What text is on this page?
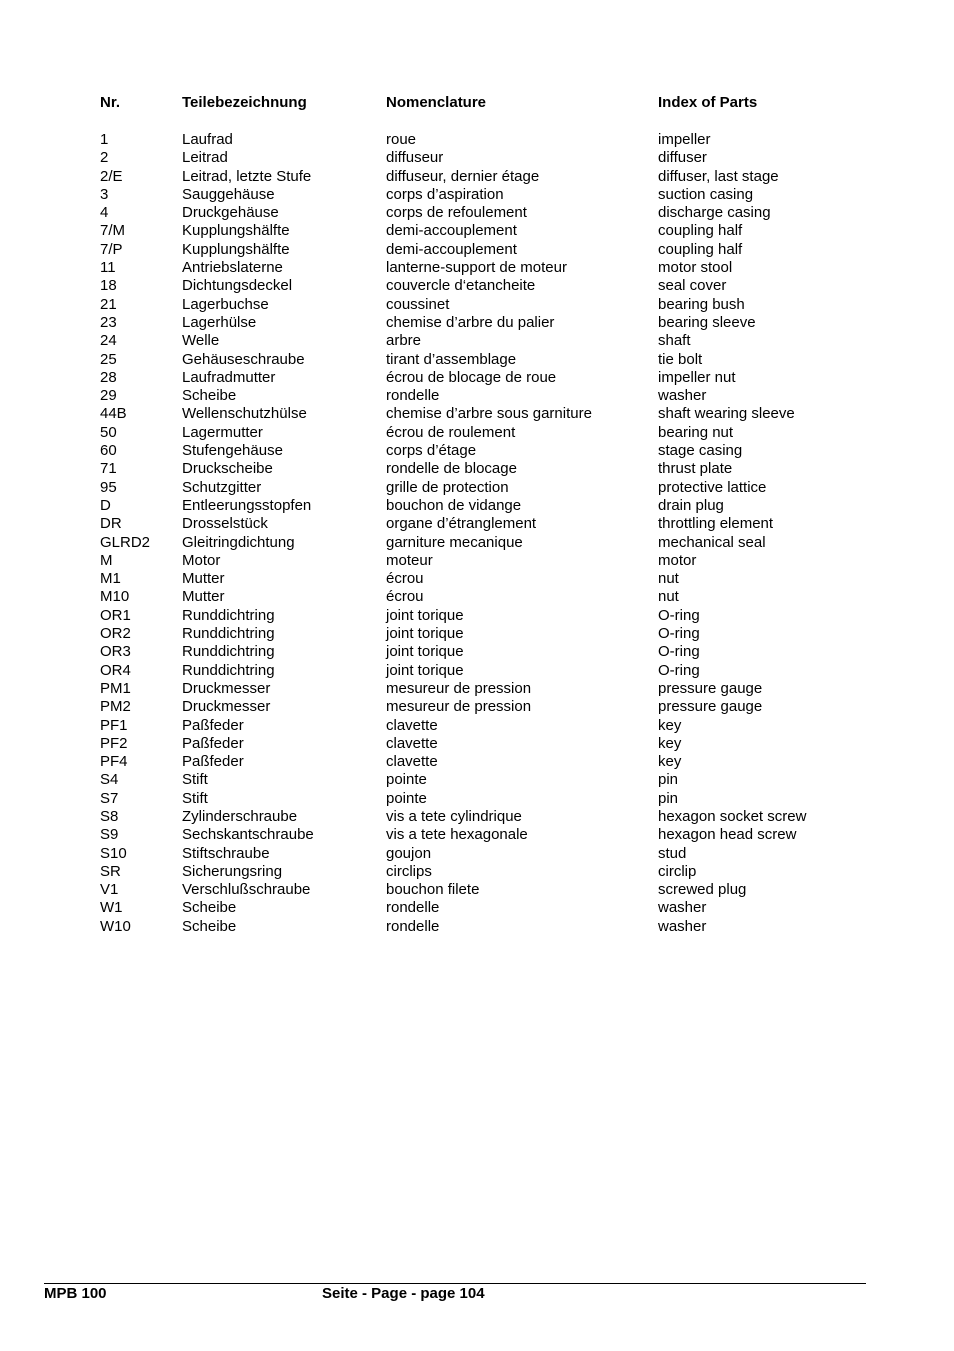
Nr.	Teilebezeichnung	Nomenclature	Index of Parts
1	Laufrad	roue	impeller
2	Leitrad	diffuseur	diffuser
2/E	Leitrad, letzte Stufe	diffuseur, dernier étage	diffuser, last stage
3	Sauggehäuse	corps d’aspiration	suction casing
4	Druckgehäuse	corps de refoulement	discharge casing
7/M	Kupplungshälfte	demi-accouplement	coupling half
7/P	Kupplungshälfte	demi-accouplement	coupling half
11	Antriebslaterne	lanterne-support de moteur	motor stool
18	Dichtungsdeckel	couvercle d‘etancheite	seal cover
21	Lagerbuchse	coussinet	bearing bush
23	Lagerhülse	chemise d’arbre du palier	bearing sleeve
24	Welle	arbre	shaft
25	Gehäuseschraube	tirant d’assemblage	tie bolt
28	Laufradmutter	écrou de blocage de roue	impeller nut
29	Scheibe	rondelle	washer
44B	Wellenschutzhülse	chemise d’arbre sous garniture	shaft wearing sleeve
50	Lagermutter	écrou de roulement	bearing nut
60	Stufengehäuse	corps d’étage	stage casing
71	Druckscheibe	rondelle de blocage	thrust plate
95	Schutzgitter	grille de protection	protective lattice
D	Entleerungsstopfen	bouchon de vidange	drain plug
DR	Drosselstück	organe d’étranglement	throttling element
GLRD2 Gleitringdichtung	garniture mecanique	mechanical seal
M	Motor	moteur	motor
M1	Mutter	écrou	nut
M10	Mutter	écrou	nut
OR1	Runddichtring	joint torique	O-ring
OR2	Runddichtring	joint torique	O-ring
OR3	Runddichtring	joint torique	O-ring
OR4	Runddichtring	joint torique	O-ring
PM1	Druckmesser	mesureur de pression	pressure gauge
PM2	Druckmesser	mesureur de pression	pressure gauge
PF1	Paßfeder	clavette	key
PF2	Paßfeder	clavette	key
PF4	Paßfeder	clavette	key
S4	Stift	pointe	pin
S7	Stift	pointe	pin
S8	Zylinderschraube	vis a tete cylindrique	hexagon socket screw
S9	Sechskantschraube	vis a tete hexagonale	hexagon head screw
S10	Stiftschraube	goujon	stud
SR	Sicherungsring	circlips	circlip
V1	Verschlußschraube	bouchon filete	screwed plug
W1	Scheibe	rondelle	washer
W10	Scheibe	rondelle	washer
MPB 100	Seite - Page - page 104
